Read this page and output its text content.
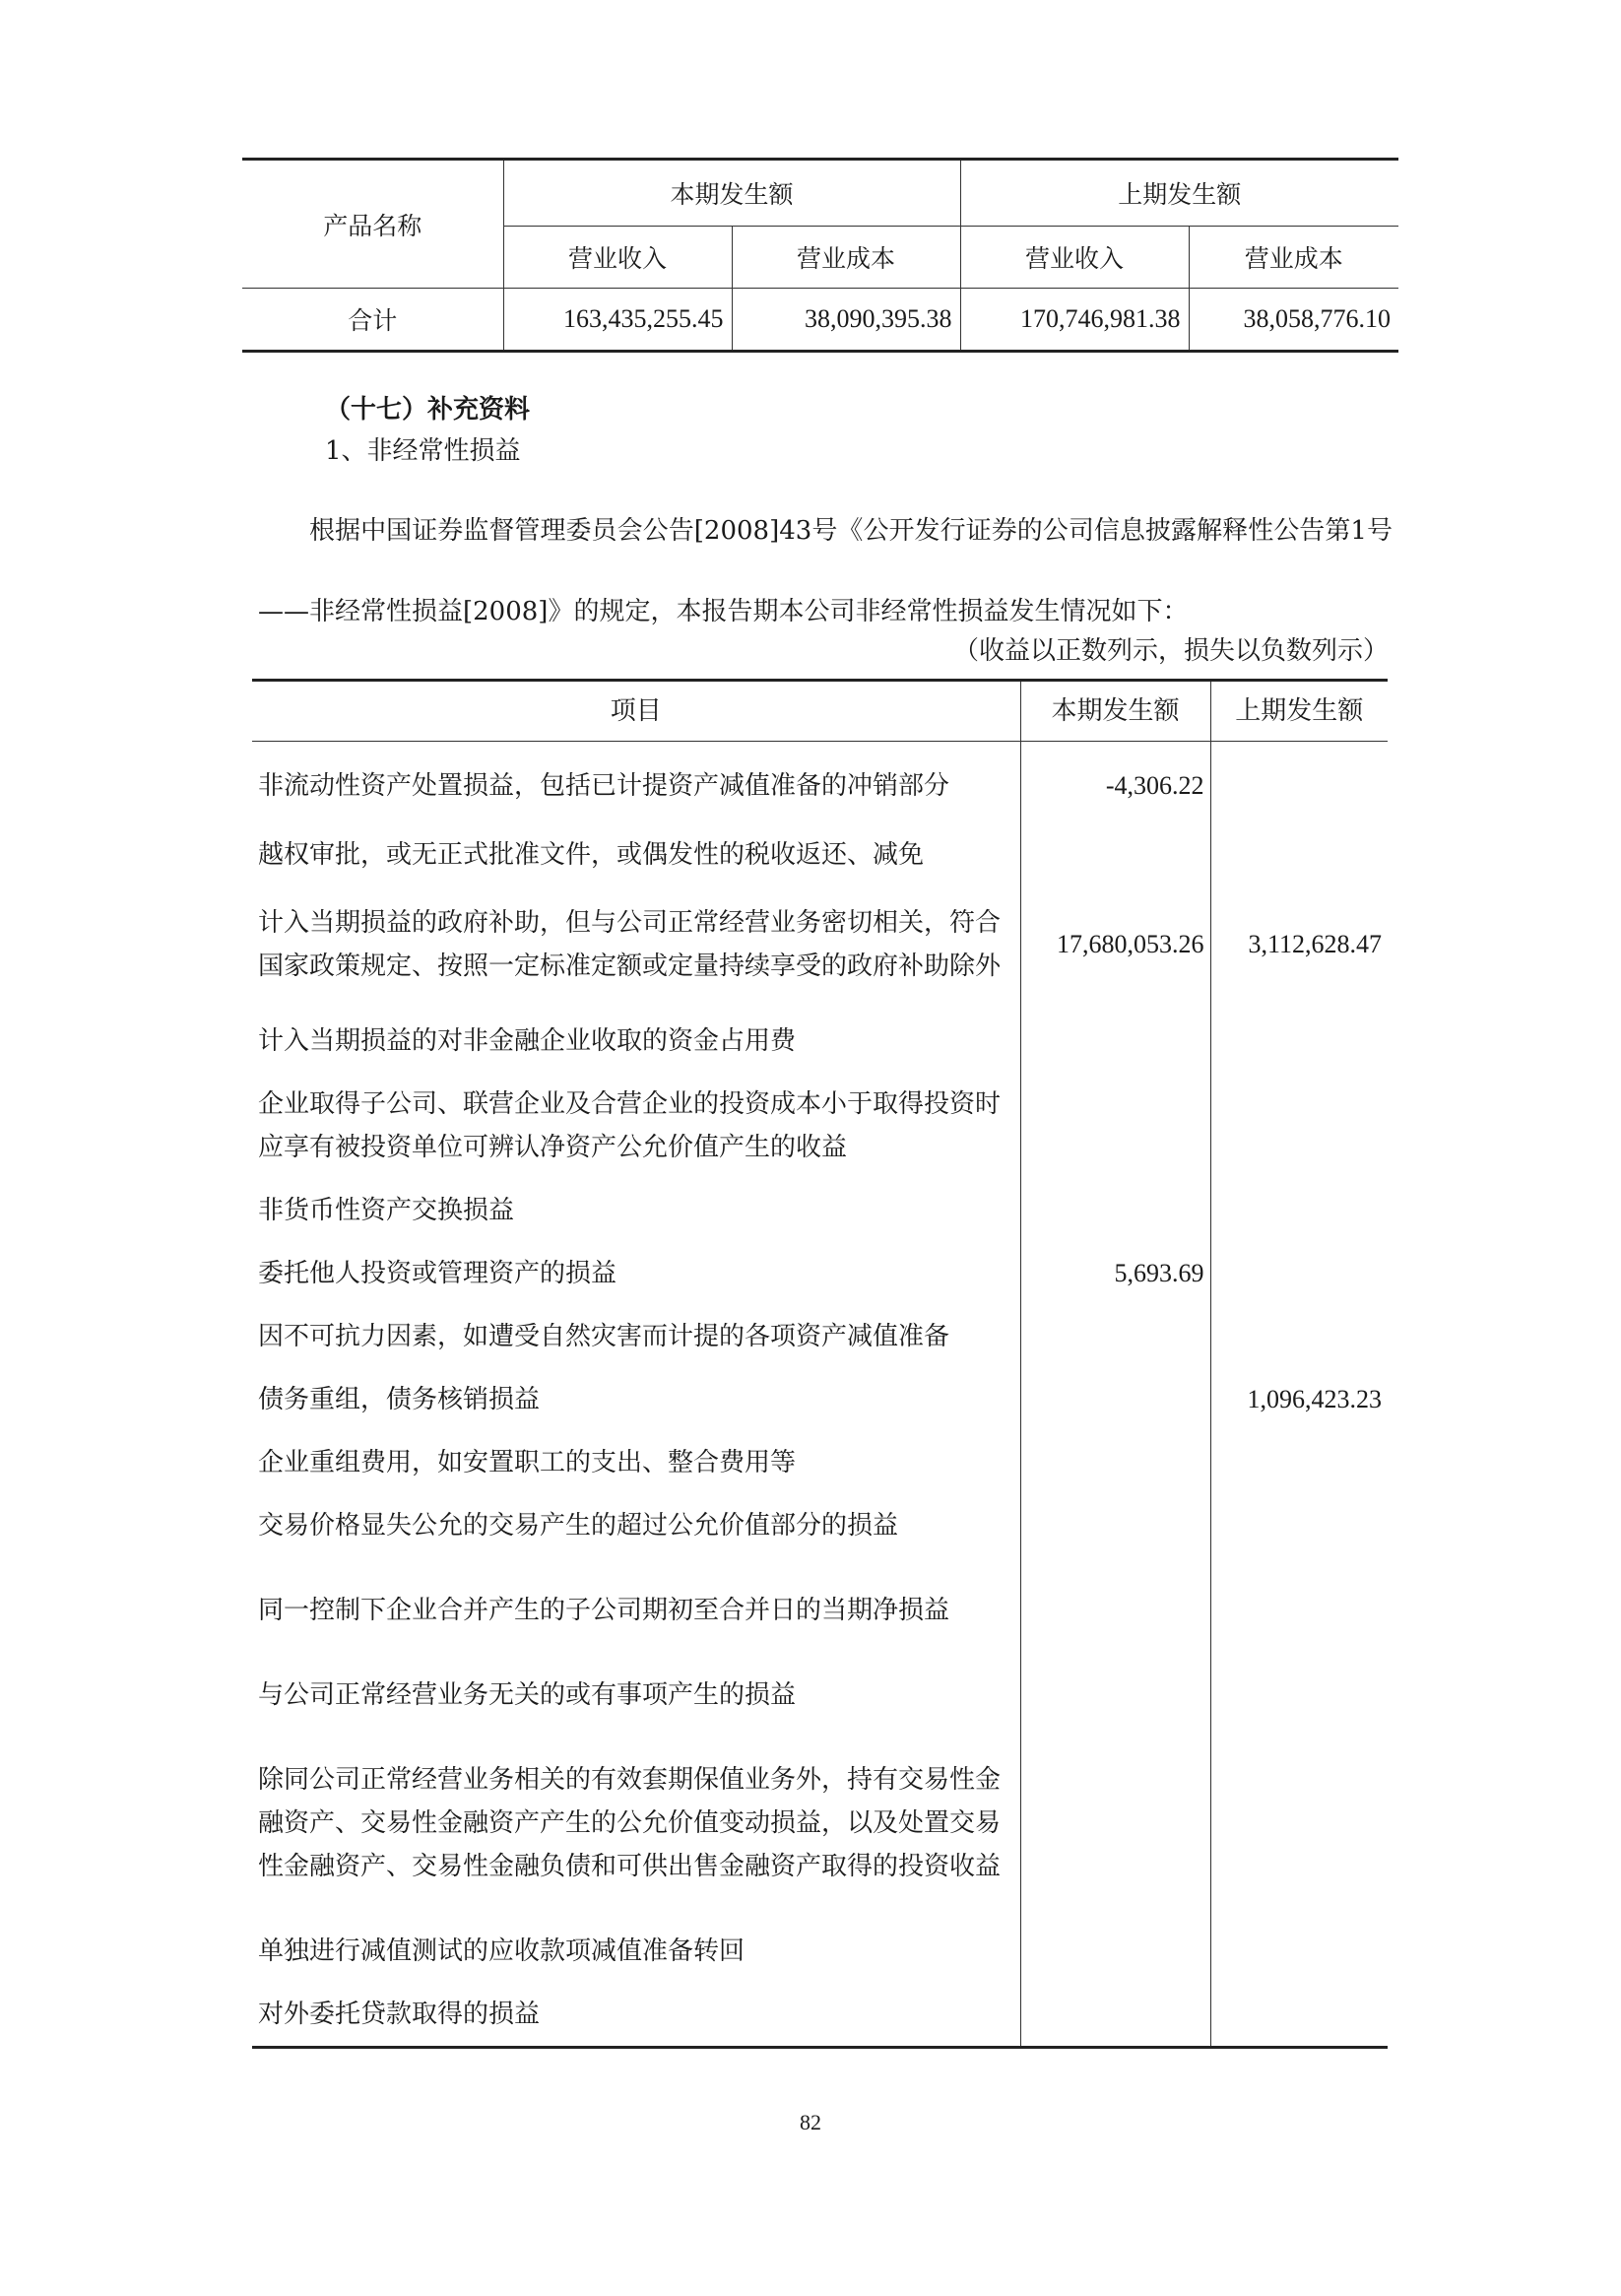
产品名称	本期发生额		上期发生额	
	营业收入	营业成本	营业收入	营业成本
合计	163,435,255.45	38,090,395.38	170,746,981.38	38,058,776.10
（十七）补充资料
1、非经常性损益
根据中国证券监督管理委员会公告[2008]43号《公开发行证券的公司信息披露解释性公告第1号——非经常性损益[2008]》的规定，本报告期本公司非经常性损益发生情况如下：
（收益以正数列示，损失以负数列示）
项目	本期发生额	上期发生额
非流动性资产处置损益，包括已计提资产减值准备的冲销部分	-4,306.22	
越权审批，或无正式批准文件，或偶发性的税收返还、减免		
计入当期损益的政府补助，但与公司正常经营业务密切相关，符合国家政策规定、按照一定标准定额或定量持续享受的政府补助除外	17,680,053.26	3,112,628.47
计入当期损益的对非金融企业收取的资金占用费		
企业取得子公司、联营企业及合营企业的投资成本小于取得投资时应享有被投资单位可辨认净资产公允价值产生的收益		
非货币性资产交换损益		
委托他人投资或管理资产的损益	5,693.69	
因不可抗力因素，如遭受自然灾害而计提的各项资产减值准备		
债务重组，债务核销损益		1,096,423.23
企业重组费用，如安置职工的支出、整合费用等		
交易价格显失公允的交易产生的超过公允价值部分的损益		
同一控制下企业合并产生的子公司期初至合并日的当期净损益		
与公司正常经营业务无关的或有事项产生的损益		
除同公司正常经营业务相关的有效套期保值业务外，持有交易性金融资产、交易性金融资产产生的公允价值变动损益，以及处置交易性金融资产、交易性金融负债和可供出售金融资产取得的投资收益		
单独进行减值测试的应收款项减值准备转回		
对外委托贷款取得的损益		
82
